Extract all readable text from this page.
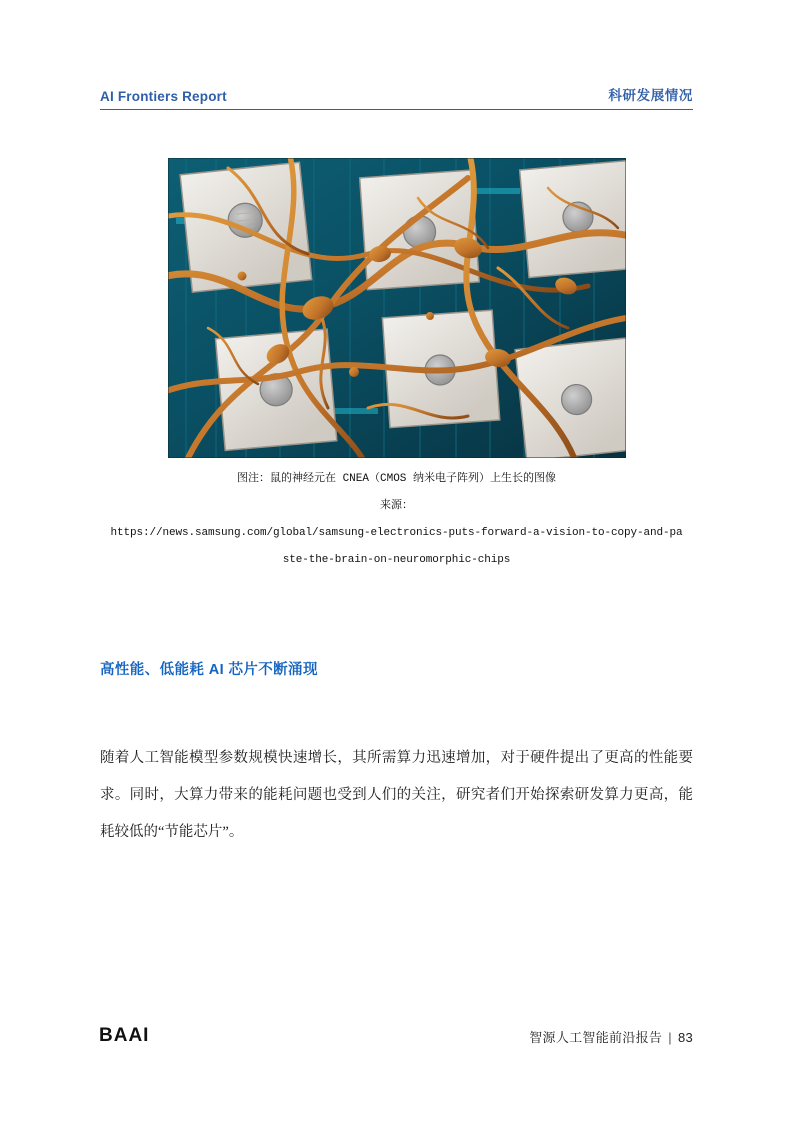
AI Frontiers Report	科研发展情况
图注：鼠的神经元在 CNEA（CMOS 纳米电子阵列）上生长的图像
来源：
https://news.samsung.com/global/samsung-electronics-puts-forward-a-vision-to-copy-and-pa
ste-the-brain-on-neuromorphic-chips
高性能、低能耗 AI 芯片不断涌现
随着人工智能模型参数规模快速增长，其所需算力迅速增加，对于硬件提出了更高的性能要求。同时，大算力带来的能耗问题也受到人们的关注，研究者们开始探索研发算力更高，能耗较低的“节能芯片”。
BAAI	智源人工智能前沿报告 | 83
